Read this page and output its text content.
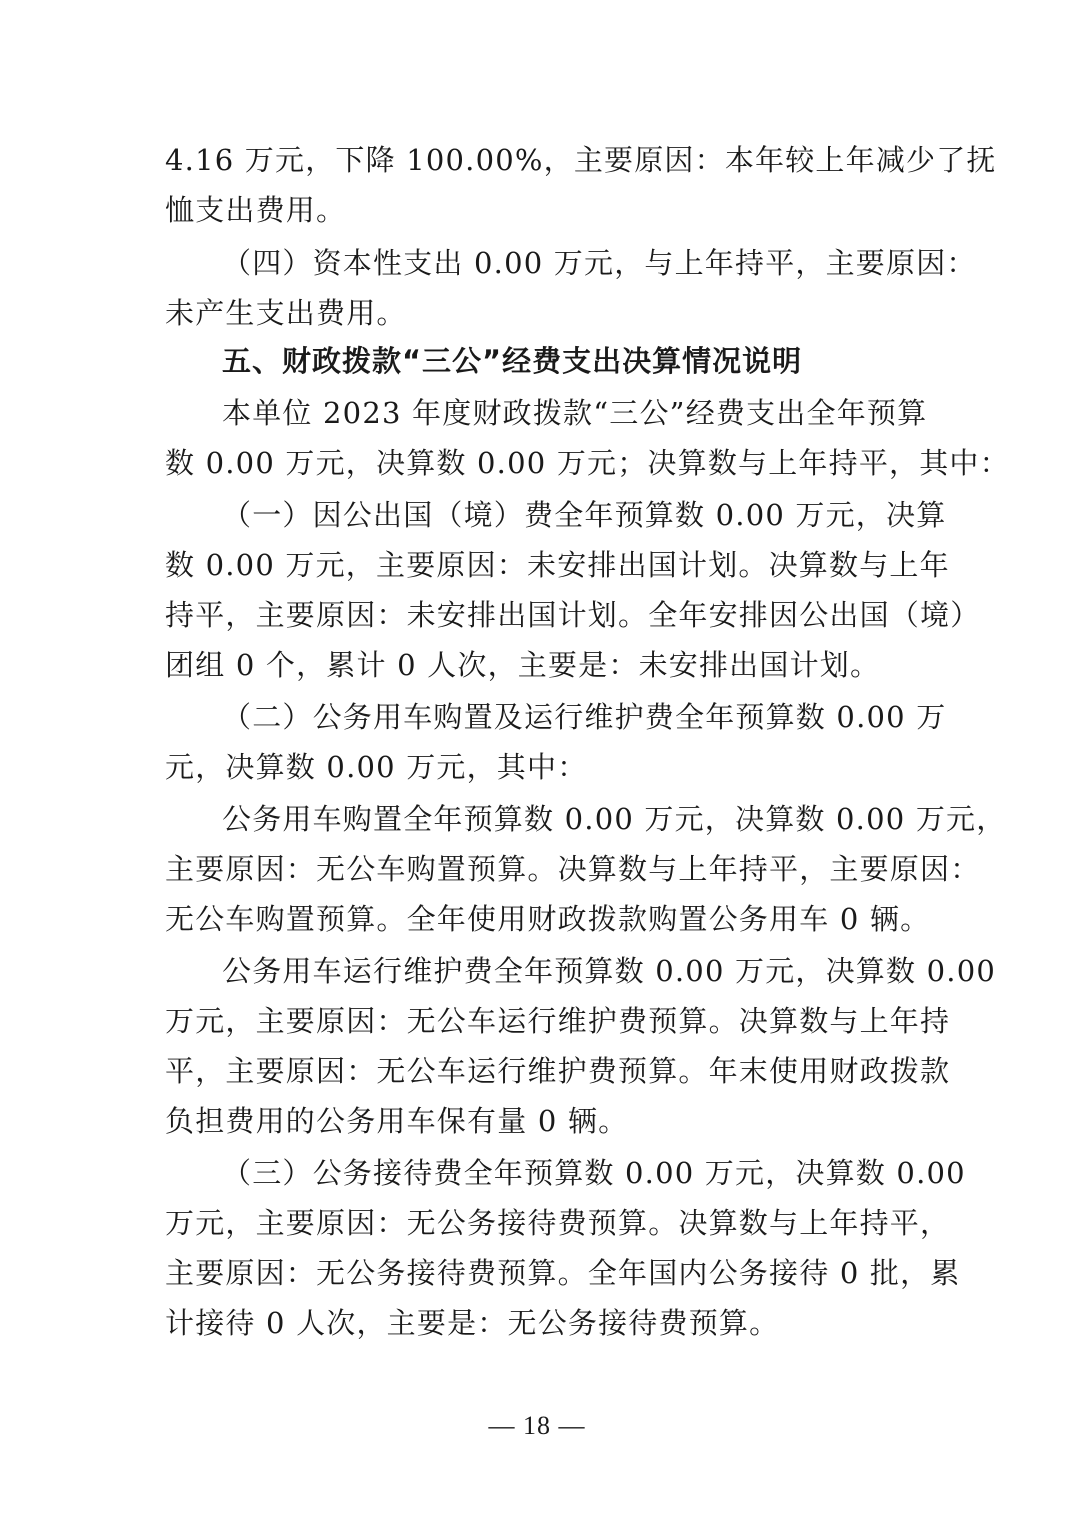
4.16 万元，下降 100.00%，主要原因：本年较上年减少了抚
恤支出费用。
（四）资本性支出 0.00 万元，与上年持平，主要原因：
未产生支出费用。
五、财政拨款“三公”经费支出决算情况说明
本单位 2023 年度财政拨款“三公”经费支出全年预算
数 0.00 万元，决算数 0.00 万元；决算数与上年持平，其中：
（一）因公出国（境）费全年预算数 0.00 万元，决算
数 0.00 万元，主要原因：未安排出国计划。决算数与上年
持平，主要原因：未安排出国计划。全年安排因公出国（境）
团组 0 个，累计 0 人次，主要是：未安排出国计划。
（二）公务用车购置及运行维护费全年预算数 0.00 万
元，决算数 0.00 万元，其中：
公务用车购置全年预算数 0.00 万元，决算数 0.00 万元，
主要原因：无公车购置预算。决算数与上年持平，主要原因：
无公车购置预算。全年使用财政拨款购置公务用车 0 辆。
公务用车运行维护费全年预算数 0.00 万元，决算数 0.00
万元，主要原因：无公车运行维护费预算。决算数与上年持
平，主要原因：无公车运行维护费预算。年末使用财政拨款
负担费用的公务用车保有量 0 辆。
（三）公务接待费全年预算数 0.00 万元，决算数 0.00
万元，主要原因：无公务接待费预算。决算数与上年持平，
主要原因：无公务接待费预算。全年国内公务接待 0 批，累
计接待 0 人次，主要是：无公务接待费预算。
— 18 —
